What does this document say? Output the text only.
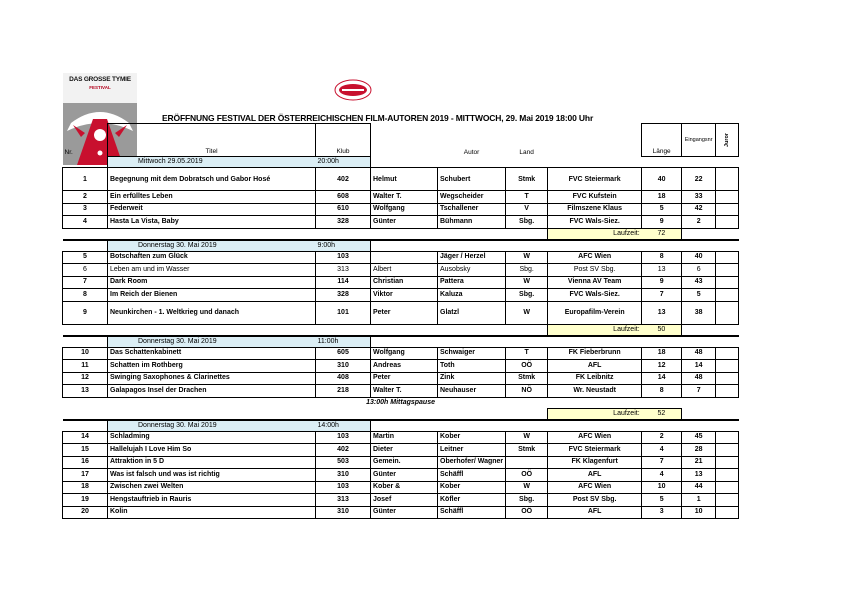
DAS GROSSE TYMIE
FESTIVAL
ERÖFFNUNG FESTIVAL DER ÖSTERREICHISCHEN FILM-AUTOREN 2019 - MITTWOCH, 29. Mai 2019 18:00 Uhr
Nr.	Titel	Klub		Autor	Land		Länge	Eingangsnr	Juror
	Mittwoch 29.05.2019	20:00h							
1	Begegnung mit dem Dobratsch und Gabor Hosé	402	Helmut	Schubert	Stmk	FVC Steiermark	40	22	
2	Ein erfülltes Leben	608	Walter T.	Wegscheider	T	FVC Kufstein	18	33	
3	Federweit	610	Wolfgang	Tschallener	V	Filmszene Klaus	5	42	
4	Hasta La Vista, Baby	328	Günter	Bühmann	Sbg.	FVC Wals-Siez.	9	2	
						Laufzeit:	72		
	Donnerstag 30. Mai 2019	9:00h							
5	Botschaften zum Glück	103		Jäger / Herzel	W	AFC Wien	8	40	
6	Leben am und im Wasser	313	Albert	Ausobsky	Sbg.	Post SV Sbg.	13	6	
7	Dark Room	114	Christian	Pattera	W	Vienna AV Team	9	43	
8	Im Reich der Bienen	328	Viktor	Kaluza	Sbg.	FVC Wals-Siez.	7	5	
9	Neunkirchen - 1. Weltkrieg und danach	101	Peter	Glatzl	W	Europafilm-Verein	13	38	
						Laufzeit:	50		
	Donnerstag 30. Mai 2019	11:00h							
10	Das Schattenkabinett	605	Wolfgang	Schwaiger	T	FK Fieberbrunn	18	48	
11	Schatten im Rothberg	310	Andreas	Toth	OÖ	AFL	12	14	
12	Swinging Saxophones & Clarinettes	408	Peter	Zink	Stmk	FK Leibnitz	14	48	
13	Galapagos Insel der Drachen	218	Walter T.	Neuhauser	NÖ	Wr. Neustadt	8	7	
13:00h Mittagspause									
						Laufzeit:	52		
	Donnerstag 30. Mai 2019	14:00h							
14	Schladming	103	Martin	Kober	W	AFC Wien	2	45	
15	Hallelujah I Love Him So	402	Dieter	Leitner	Stmk	FVC Steiermark	4	28	
16	Attraktion in 5 D	503	Gemein.	Oberhofer/ Wagner		FK Klagenfurt	7	21	
17	Was ist falsch und was ist richtig	310	Günter	Schäffl	OÖ	AFL	4	13	
18	Zwischen zwei Welten	103	Kober &	Kober	W	AFC Wien	10	44	
19	Hengstauftrieb in Rauris	313	Josef	Köfler	Sbg.	Post SV Sbg.	5	1	
20	Kolin	310	Günter	Schäffl	OÖ	AFL	3	10	
